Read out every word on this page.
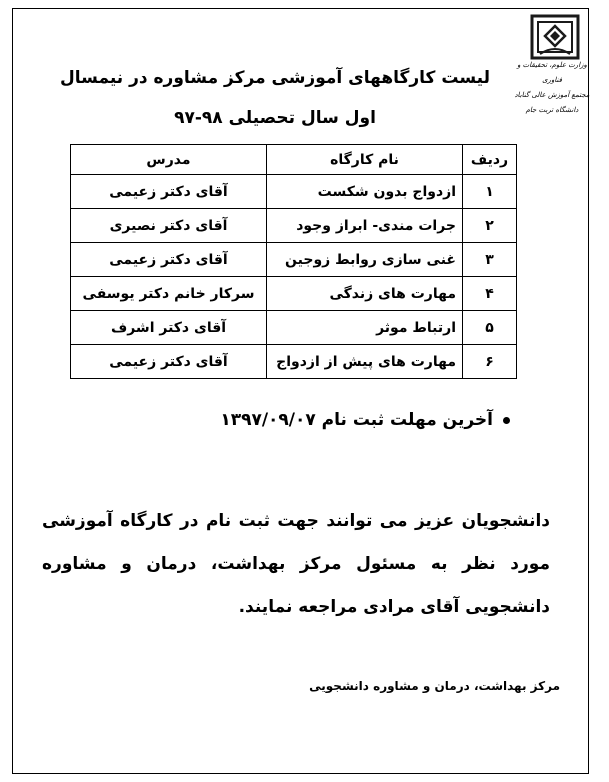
وزارت علوم، تحقیقات و فناوری
مجتمع آموزش عالی گناباد
دانشگاه تربت جام
لیست کارگاههای آموزشی مرکز مشاوره در نیمسال اول سال تحصیلی ۹۸-۹۷
ردیف	نام کارگاه	مدرس
۱	ازدواج بدون شکست	آقای دکتر زعیمی
۲	جرات مندی- ابراز وجود	آقای دکتر نصیری
۳	غنی سازی روابط زوجین	آقای دکتر زعیمی
۴	مهارت های زندگی	سرکار خانم دکتر یوسفی
۵	ارتباط موثر	آقای دکتر اشرف
۶	مهارت های پیش از ازدواج	آقای دکتر زعیمی
آخرین مهلت ثبت نام ۱۳۹۷/۰۹/۰۷
دانشجویان عزیز می توانند جهت ثبت نام در کارگاه آموزشی مورد نظر به مسئول مرکز بهداشت، درمان و مشاوره دانشجویی آقای مرادی مراجعه نمایند.
مرکز بهداشت، درمان و مشاوره دانشجویی
